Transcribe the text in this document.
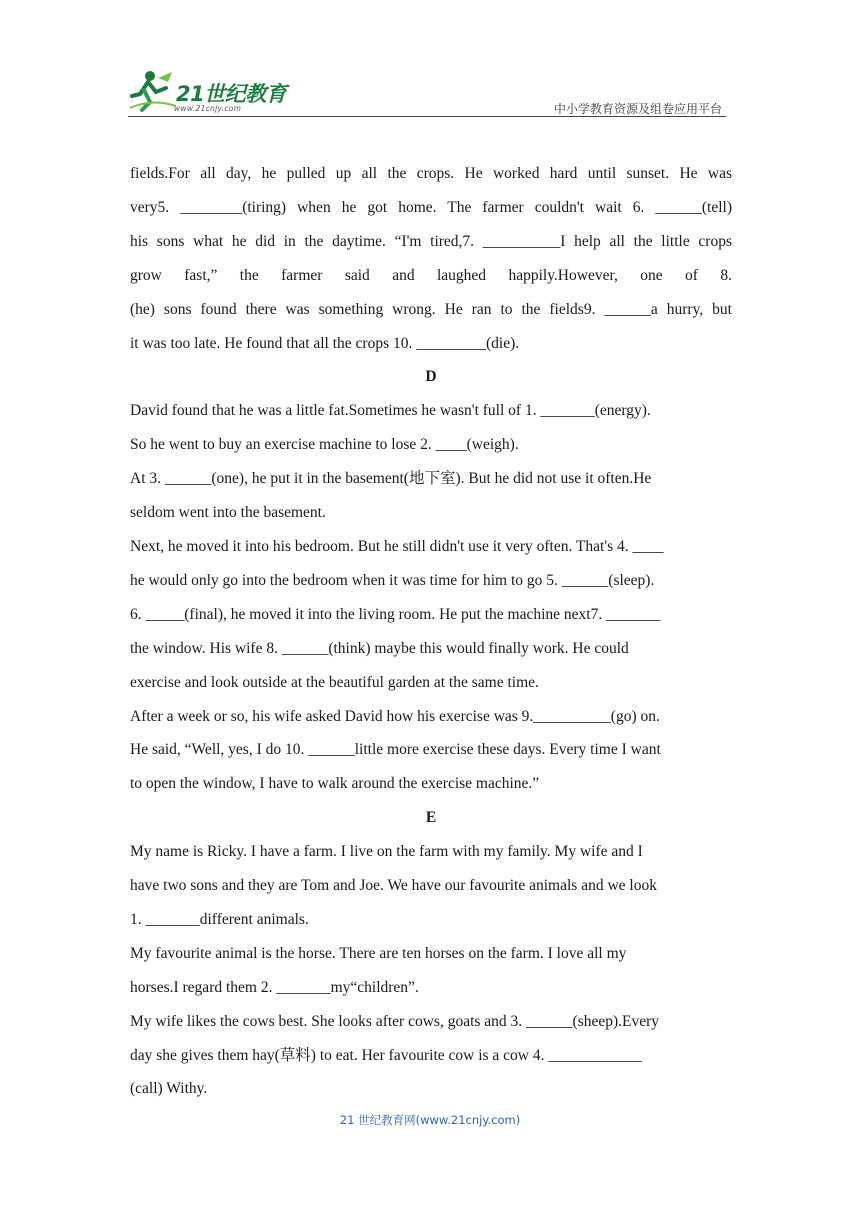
21世纪教育
www.21cnjy.com	中小学教育资源及组卷应用平台
fields.For all day, he pulled up all the crops. He worked hard until sunset. He was
very5. ________(tiring) when he got home. The farmer couldn't wait 6. ______(tell)
his sons what he did in the daytime. “I'm tired,7. __________I help all the little crops
grow fast,” the farmer said and laughed happily.However, one of 8.
(he) sons found there was something wrong. He ran to the fields9. ______a hurry, but
it was too late. He found that all the crops 10. _________(die).
D
David found that he was a little fat.Sometimes he wasn't full of 1. _______(energy).
So he went to buy an exercise machine to lose 2. ____(weigh).
At 3. ______(one), he put it in the basement(地下室). But he did not use it often.He
seldom went into the basement.
Next, he moved it into his bedroom. But he still didn't use it very often. That's 4. ____
he would only go into the bedroom when it was time for him to go 5. ______(sleep).
6. _____(final), he moved it into the living room. He put the machine next7. _______
the window. His wife 8. ______(think) maybe this would finally work. He could
exercise and look outside at the beautiful garden at the same time.
After a week or so, his wife asked David how his exercise was 9.__________(go) on.
He said, “Well, yes, I do 10. ______little more exercise these days. Every time I want
to open the window, I have to walk around the exercise machine.”
E
My name is Ricky. I have a farm. I live on the farm with my family. My wife and I
have two sons and they are Tom and Joe. We have our favourite animals and we look
1. _______different animals.
My favourite animal is the horse. There are ten horses on the farm. I love all my
horses.I regard them 2. _______my“children”.
My wife likes the cows best. She looks after cows, goats and 3. ______(sheep).Every
day she gives them hay(草料) to eat. Her favourite cow is a cow 4. ____________
(call) Withy.
21 世纪教育网(www.21cnjy.com)
